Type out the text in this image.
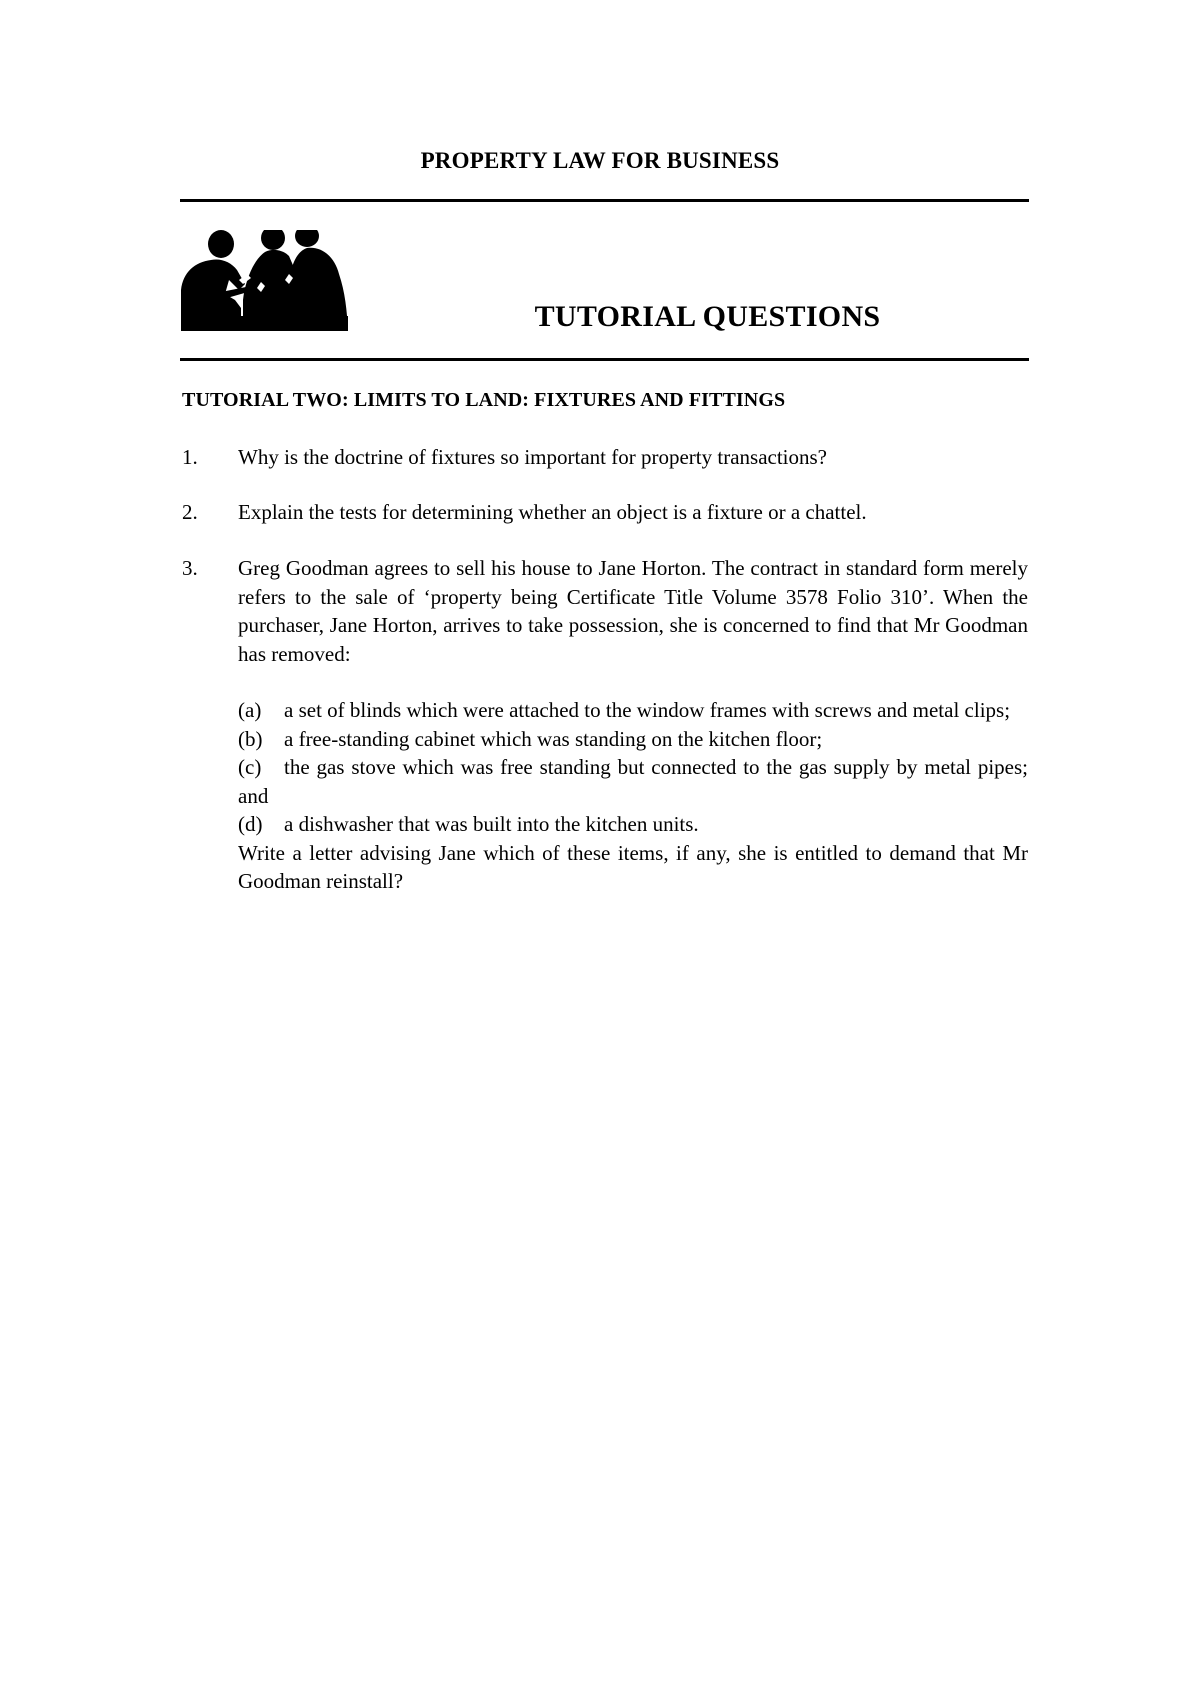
PROPERTY LAW FOR BUSINESS
TUTORIAL QUESTIONS
TUTORIAL TWO: LIMITS TO LAND: FIXTURES AND FITTINGS
1. Why is the doctrine of fixtures so important for property transactions?
2. Explain the tests for determining whether an object is a fixture or a chattel.
3. Greg Goodman agrees to sell his house to Jane Horton. The contract in standard form merely refers to the sale of ‘property being Certificate Title Volume 3578 Folio 310’. When the purchaser, Jane Horton, arrives to take possession, she is concerned to find that Mr Goodman has removed:

(a) a set of blinds which were attached to the window frames with screws and metal clips;
(b) a free-standing cabinet which was standing on the kitchen floor;
(c) the gas stove which was free standing but connected to the gas supply by metal pipes; and
(d) a dishwasher that was built into the kitchen units.

Write a letter advising Jane which of these items, if any, she is entitled to demand that Mr Goodman reinstall?
